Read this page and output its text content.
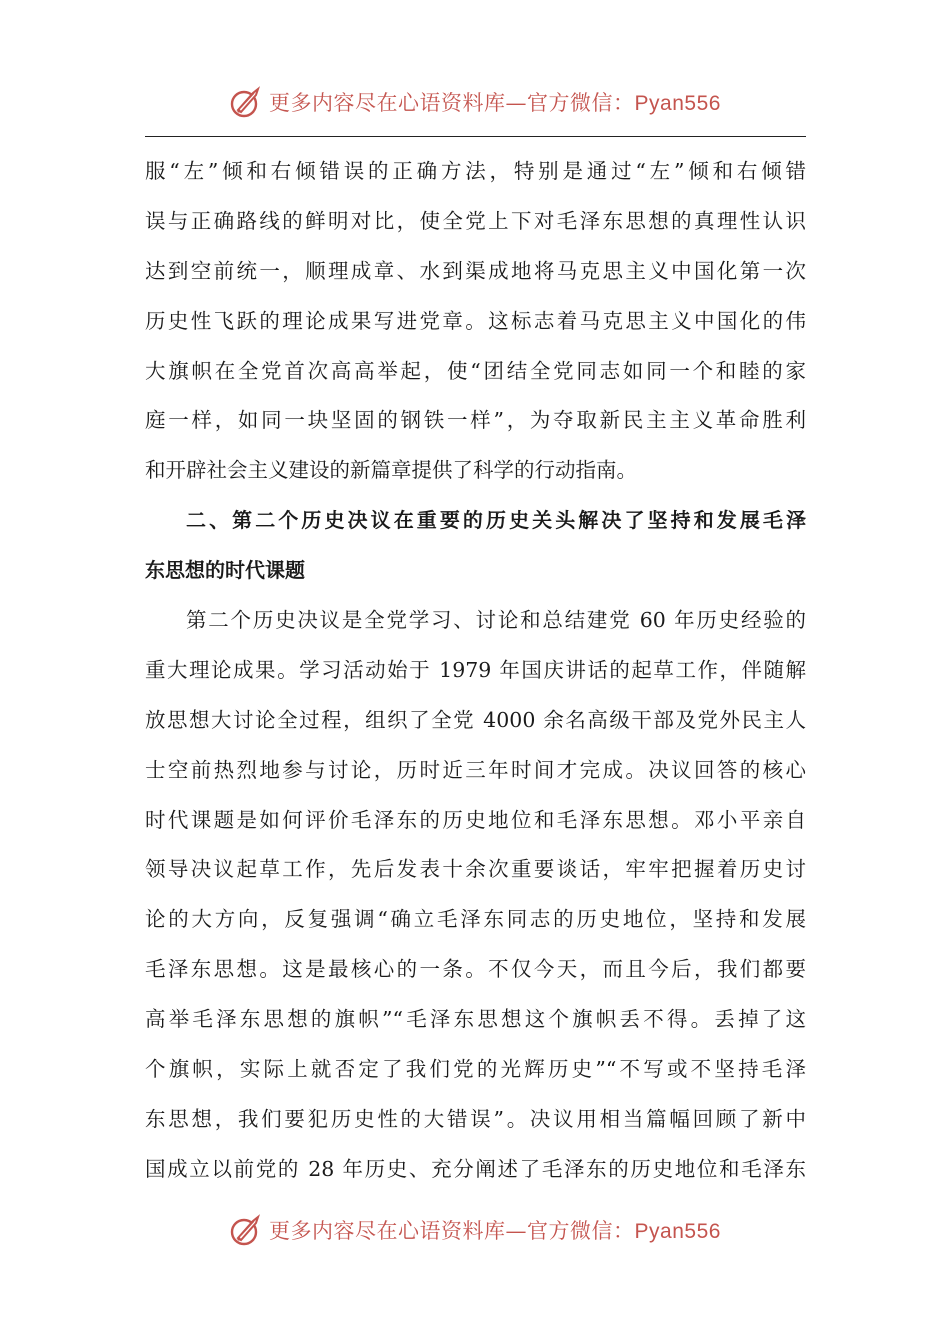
更多内容尽在心语资料库—官方微信：Pyan556
服“左”倾和右倾错误的正确方法，特别是通过“左”倾和右倾错
误与正确路线的鲜明对比，使全党上下对毛泽东思想的真理性认识
达到空前统一，顺理成章、水到渠成地将马克思主义中国化第一次
历史性飞跃的理论成果写进党章。这标志着马克思主义中国化的伟
大旗帜在全党首次高高举起，使“团结全党同志如同一个和睦的家
庭一样，如同一块坚固的钢铁一样”，为夺取新民主主义革命胜利
和开辟社会主义建设的新篇章提供了科学的行动指南。
二、第二个历史决议在重要的历史关头解决了坚持和发展毛泽
东思想的时代课题
第二个历史决议是全党学习、讨论和总结建党 60 年历史经验的
重大理论成果。学习活动始于 1979 年国庆讲话的起草工作，伴随解
放思想大讨论全过程，组织了全党 4000 余名高级干部及党外民主人
士空前热烈地参与讨论，历时近三年时间才完成。决议回答的核心
时代课题是如何评价毛泽东的历史地位和毛泽东思想。邓小平亲自
领导决议起草工作，先后发表十余次重要谈话，牢牢把握着历史讨
论的大方向，反复强调“确立毛泽东同志的历史地位，坚持和发展
毛泽东思想。这是最核心的一条。不仅今天，而且今后，我们都要
高举毛泽东思想的旗帜”“毛泽东思想这个旗帜丢不得。丢掉了这
个旗帜，实际上就否定了我们党的光辉历史”“不写或不坚持毛泽
东思想，我们要犯历史性的大错误”。决议用相当篇幅回顾了新中
国成立以前党的 28 年历史、充分阐述了毛泽东的历史地位和毛泽东
更多内容尽在心语资料库—官方微信：Pyan556
